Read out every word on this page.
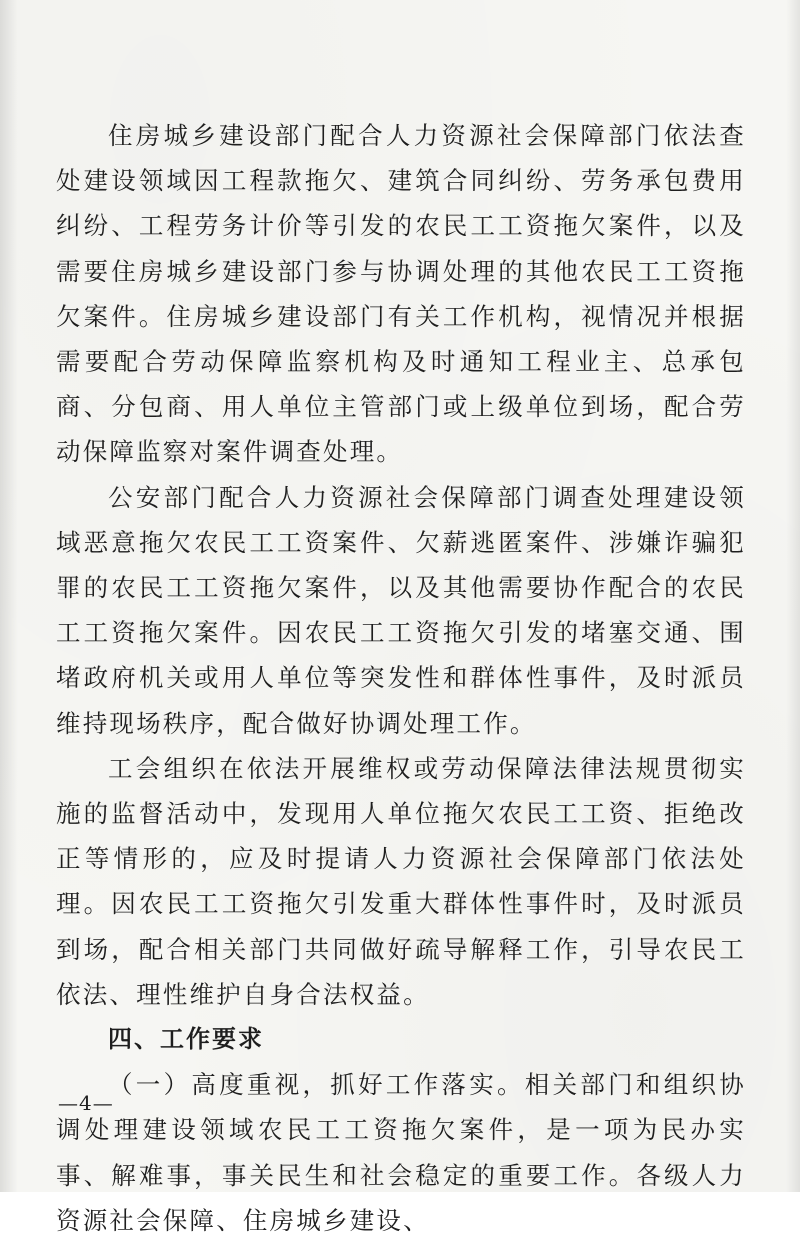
住房城乡建设部门配合人力资源社会保障部门依法查处建设领域因工程款拖欠、建筑合同纠纷、劳务承包费用纠纷、工程劳务计价等引发的农民工工资拖欠案件，以及需要住房城乡建设部门参与协调处理的其他农民工工资拖欠案件。住房城乡建设部门有关工作机构，视情况并根据需要配合劳动保障监察机构及时通知工程业主、总承包商、分包商、用人单位主管部门或上级单位到场，配合劳动保障监察对案件调查处理。

公安部门配合人力资源社会保障部门调查处理建设领域恶意拖欠农民工工资案件、欠薪逃匿案件、涉嫌诈骗犯罪的农民工工资拖欠案件，以及其他需要协作配合的农民工工资拖欠案件。因农民工工资拖欠引发的堵塞交通、围堵政府机关或用人单位等突发性和群体性事件，及时派员维持现场秩序，配合做好协调处理工作。

工会组织在依法开展维权或劳动保障法律法规贯彻实施的监督活动中，发现用人单位拖欠农民工工资、拒绝改正等情形的，应及时提请人力资源社会保障部门依法处理。因农民工工资拖欠引发重大群体性事件时，及时派员到场，配合相关部门共同做好疏导解释工作，引导农民工依法、理性维护自身合法权益。

四、工作要求

（一）高度重视，抓好工作落实。相关部门和组织协调处理建设领域农民工工资拖欠案件，是一项为民办实事、解难事，事关民生和社会稳定的重要工作。各级人力资源社会保障、住房城乡建设、

—4—
